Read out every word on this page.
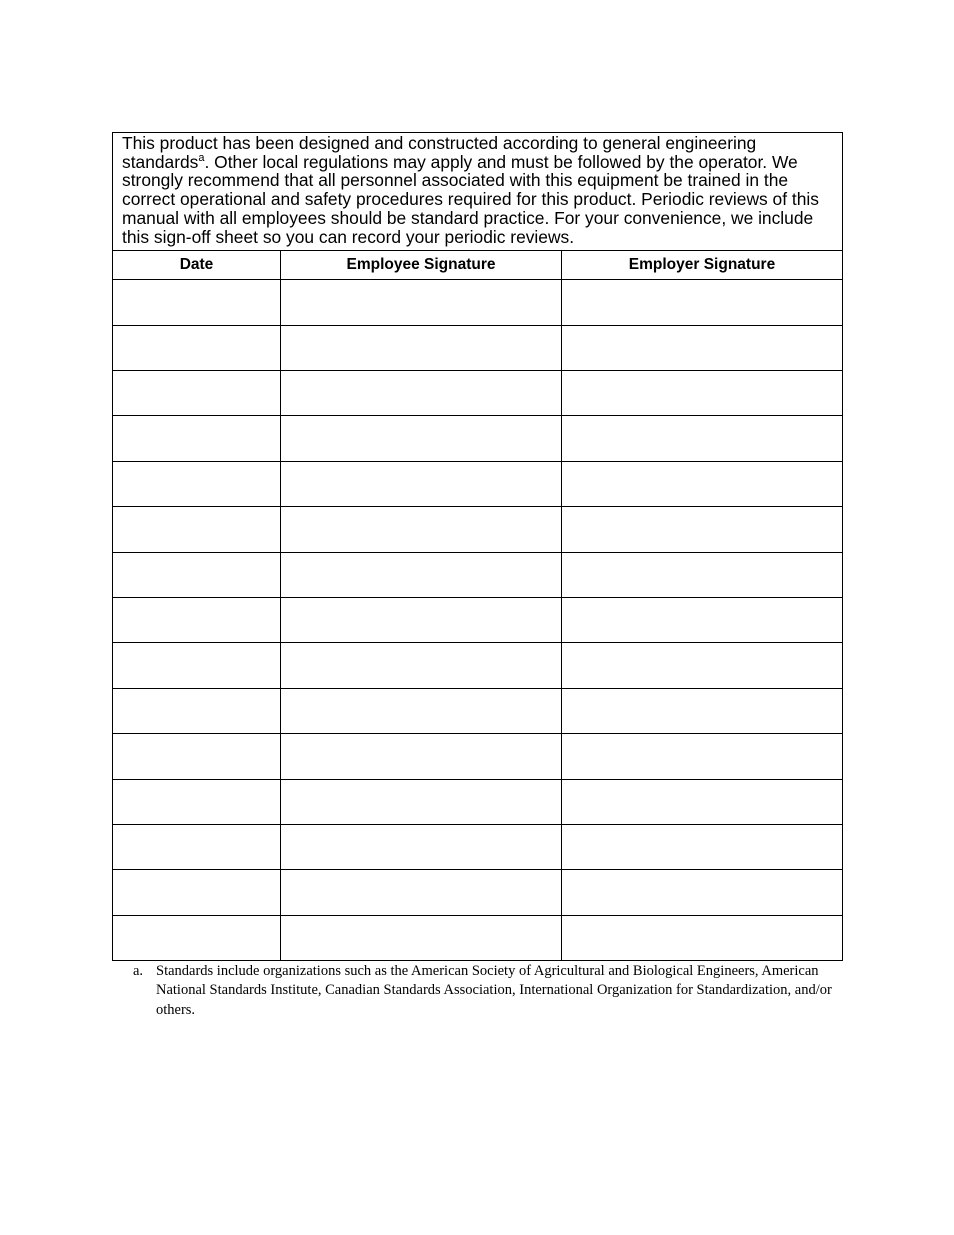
This product has been designed and constructed according to general engineering standards$^a$. Other local regulations may apply and must be followed by the operator. We strongly recommend that all personnel associated with this equipment be trained in the correct operational and safety procedures required for this product. Periodic reviews of this manual with all employees should be standard practice. For your convenience, we include this sign-off sheet so you can record your periodic reviews.		
Date	Employee Signature	Employer Signature

a. Standards include organizations such as the American Society of Agricultural and Biological Engineers, American National Standards Institute, Canadian Standards Association, International Organization for Standardization, and/or others.
